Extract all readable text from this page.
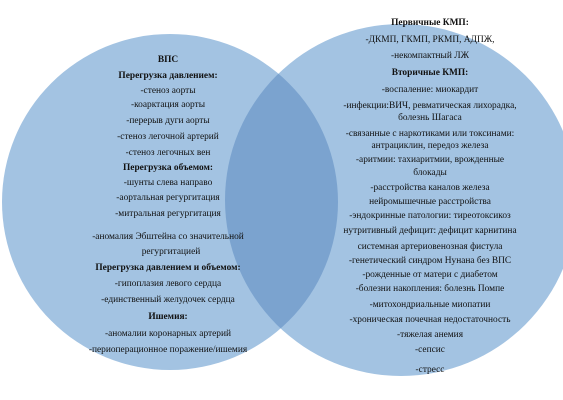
ВПС
Перегрузка давлением:
-стеноз аорты
-коарктация аорты
-перерыв дуги аорты
-стеноз легочной артерий
-стеноз легочных вен
Перегрузка объемом:
-шунты слева направо
-аортальная регургитация
-митральная регургитация
-аномалия Эбштейна со значительной
регургитацией
Перегрузка давлением и объемом:
-гипоплазия левого сердца
-единственный желудочек сердца
Ишемия:
-аномалии коронарных артерий
-периоперационное поражение/ишемия
Первичные КМП:
-ДКМП, ГКМП, РКМП, АДПЖ,
-некомпактный ЛЖ
Вторичные КМП:
-воспаление: миокардит
-инфекции:ВИЧ, ревматическая лихорадка,
болезнь Шагаса
-связанные с наркотиками или токсинами:
антрациклин, передоз железа
-аритмии: тахиаритмии, врожденные
блокады
-расстройства каналов железа
нейромышечные расстройства
-эндокринные патологии: тиреотоксикоз
нутритивный дефицит: дефицит карнитина
системная артериовенозная фистула
-генетический синдром Нунана без ВПС
-рожденные от матери с диабетом
-болезни накопления: болезнь Помпе
-митохондриальные миопатии
-хроническая почечная недостаточность
-тяжелая анемия
-сепсис
-стресс
